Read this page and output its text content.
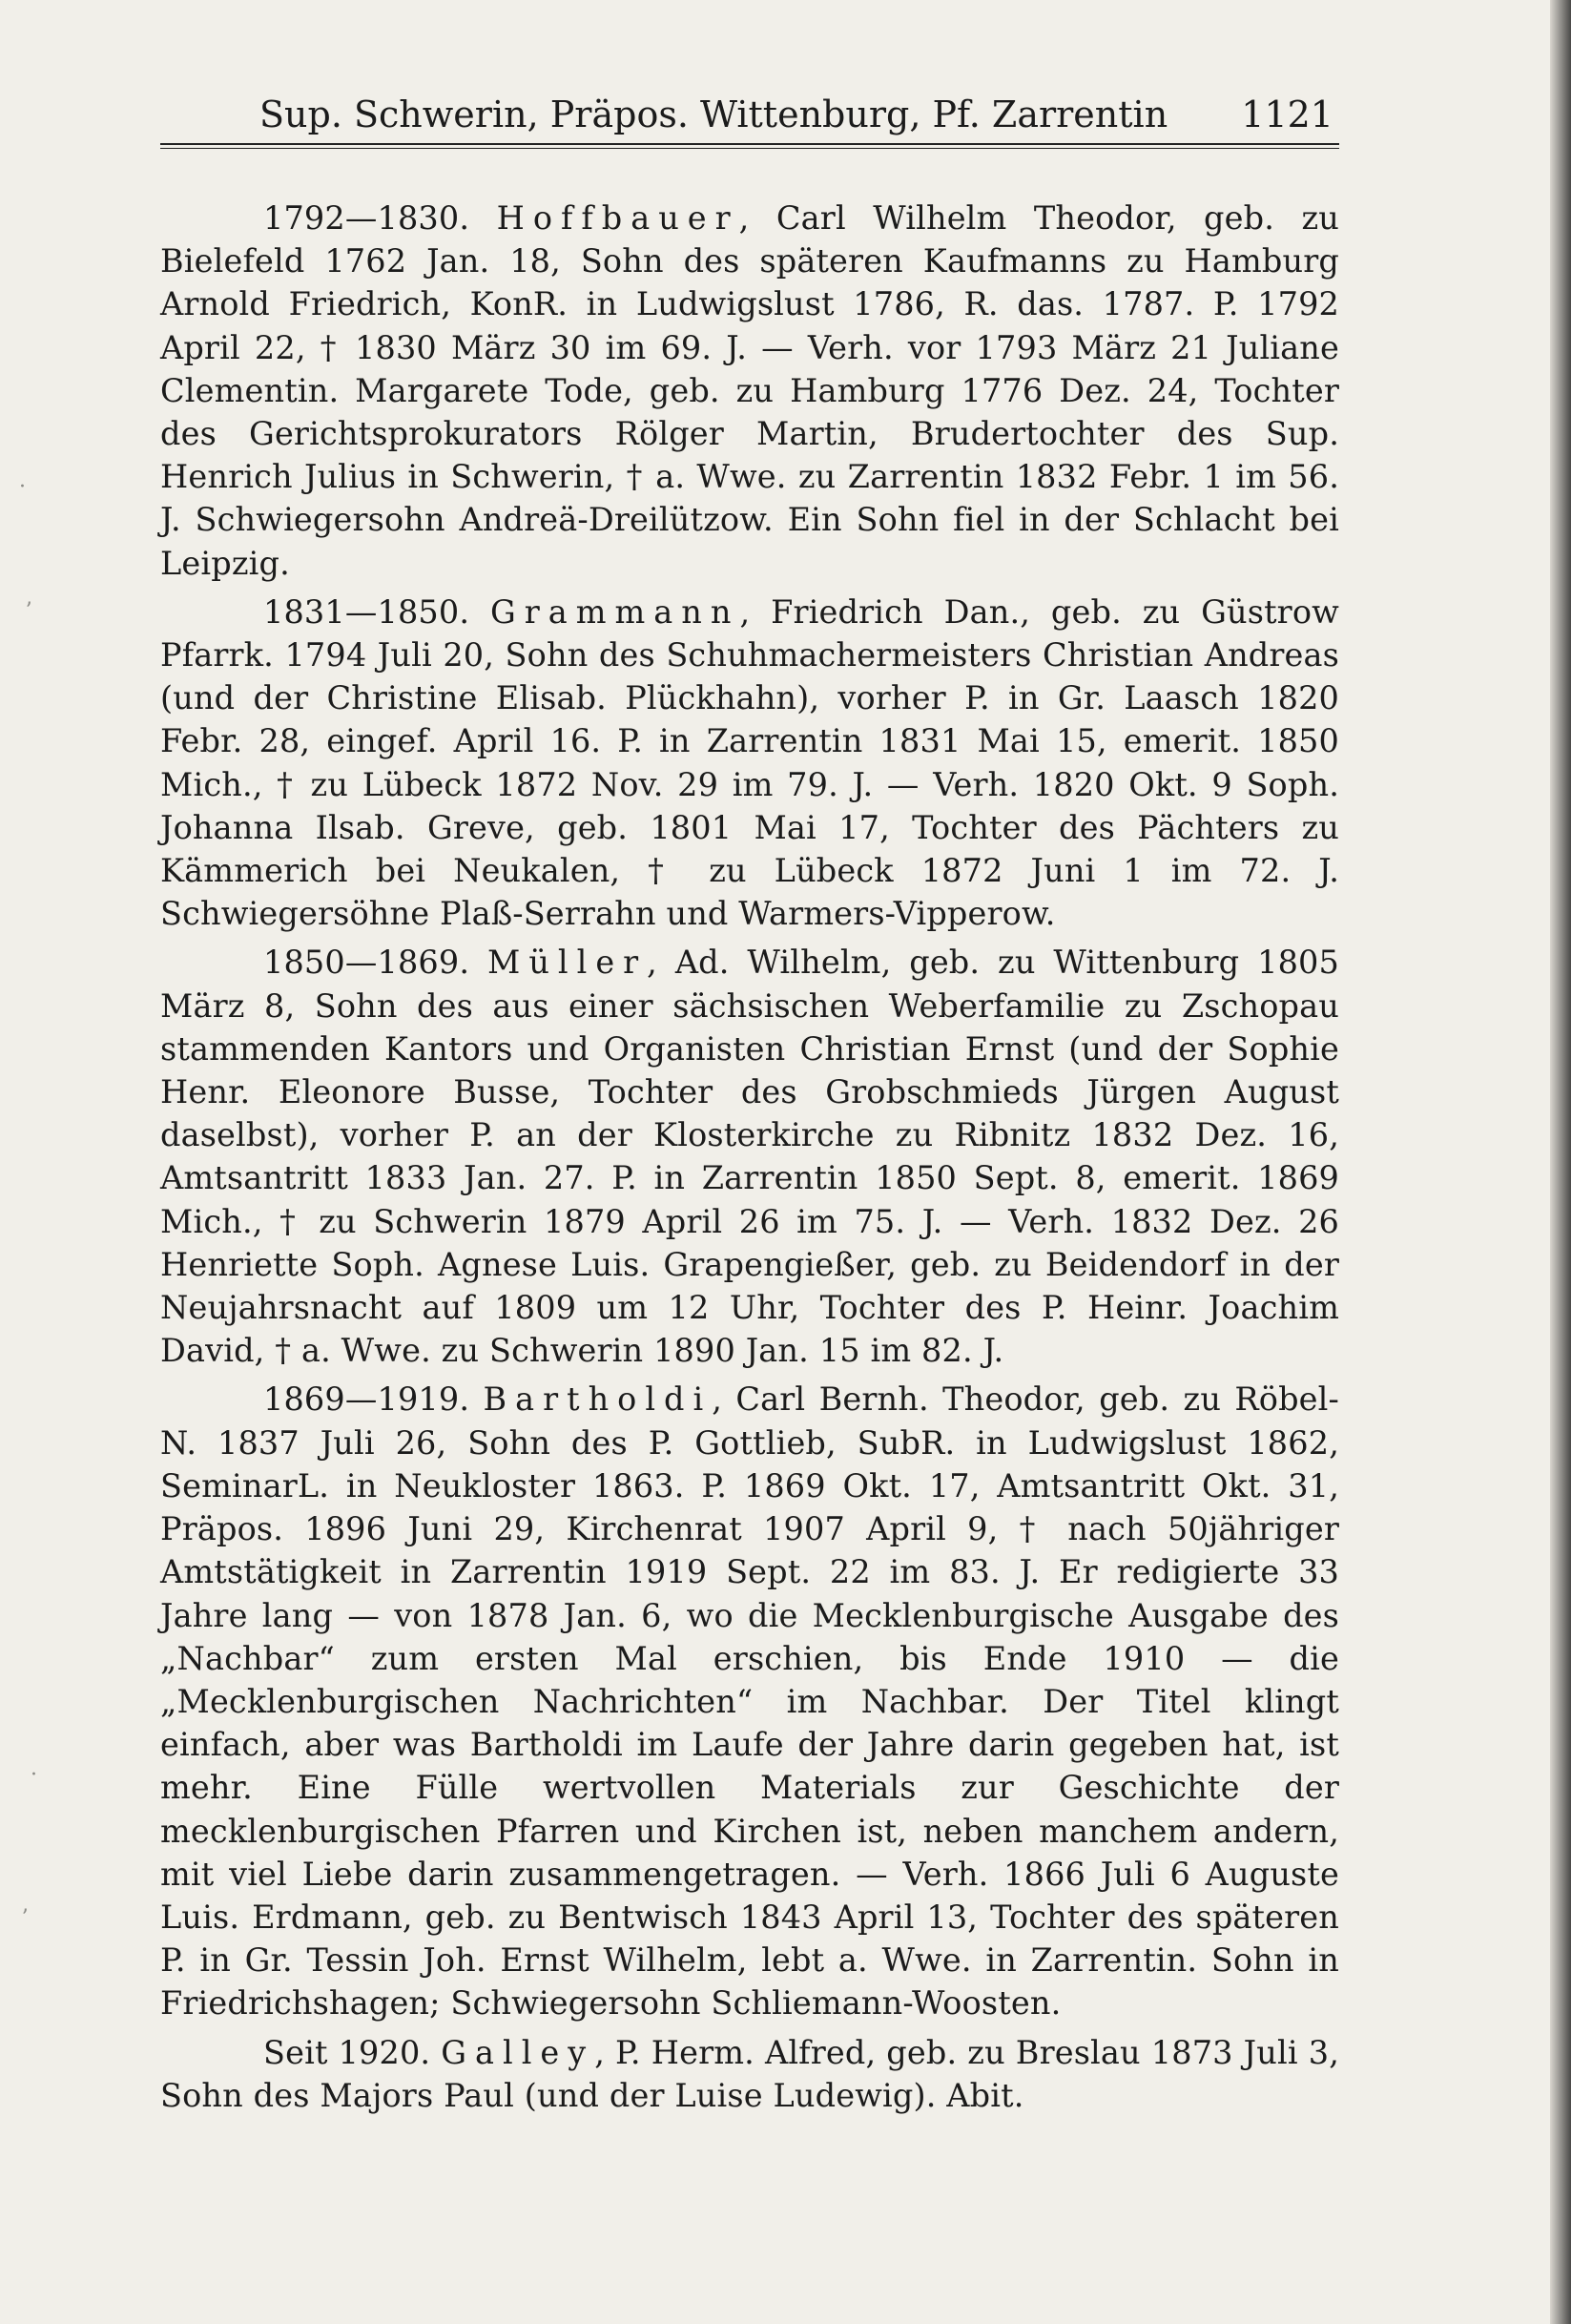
·
ʼ
·
ʼ
Sup. Schwerin, Präpos. Wittenburg, Pf. Zarrentin 1121

1792—1830. Hoffbauer, Carl Wilhelm Theodor, geb. zu Bielefeld 1762 Jan. 18, Sohn des späteren Kaufmanns zu Hamburg Arnold Friedrich, KonR. in Ludwigslust 1786, R. das. 1787. P. 1792 April 22, † 1830 März 30 im 69. J. — Verh. vor 1793 März 21 Juliane Clementin. Margarete Tode, geb. zu Hamburg 1776 Dez. 24, Tochter des Gerichtsprokurators Rölger Martin, Brudertochter des Sup. Henrich Julius in Schwerin, † a. Wwe. zu Zarrentin 1832 Febr. 1 im 56. J. Schwiegersohn Andreä-Dreilützow. Ein Sohn fiel in der Schlacht bei Leipzig.

1831—1850. Grammann, Friedrich Dan., geb. zu Güstrow Pfarrk. 1794 Juli 20, Sohn des Schuhmachermeisters Christian Andreas (und der Christine Elisab. Plückhahn), vorher P. in Gr. Laasch 1820 Febr. 28, eingef. April 16. P. in Zarrentin 1831 Mai 15, emerit. 1850 Mich., † zu Lübeck 1872 Nov. 29 im 79. J. — Verh. 1820 Okt. 9 Soph. Johanna Ilsab. Greve, geb. 1801 Mai 17, Tochter des Pächters zu Kämmerich bei Neukalen, † zu Lübeck 1872 Juni 1 im 72. J. Schwiegersöhne Plaß-Serrahn und Warmers-Vipperow.

1850—1869. Müller, Ad. Wilhelm, geb. zu Wittenburg 1805 März 8, Sohn des aus einer sächsischen Weberfamilie zu Zschopau stammenden Kantors und Organisten Christian Ernst (und der Sophie Henr. Eleonore Busse, Tochter des Grobschmieds Jürgen August daselbst), vorher P. an der Klosterkirche zu Ribnitz 1832 Dez. 16, Amtsantritt 1833 Jan. 27. P. in Zarrentin 1850 Sept. 8, emerit. 1869 Mich., † zu Schwerin 1879 April 26 im 75. J. — Verh. 1832 Dez. 26 Henriette Soph. Agnese Luis. Grapengießer, geb. zu Beidendorf in der Neujahrsnacht auf 1809 um 12 Uhr, Tochter des P. Heinr. Joachim David, † a. Wwe. zu Schwerin 1890 Jan. 15 im 82. J.

1869—1919. Bartholdi, Carl Bernh. Theodor, geb. zu Röbel-N. 1837 Juli 26, Sohn des P. Gottlieb, SubR. in Ludwigslust 1862, SeminarL. in Neukloster 1863. P. 1869 Okt. 17, Amtsantritt Okt. 31, Präpos. 1896 Juni 29, Kirchenrat 1907 April 9, † nach 50jähriger Amtstätigkeit in Zarrentin 1919 Sept. 22 im 83. J. Er redigierte 33 Jahre lang — von 1878 Jan. 6, wo die Mecklenburgische Ausgabe des „Nachbar“ zum ersten Mal erschien, bis Ende 1910 — die „Mecklenburgischen Nachrichten“ im Nachbar. Der Titel klingt einfach, aber was Bartholdi im Laufe der Jahre darin gegeben hat, ist mehr. Eine Fülle wertvollen Materials zur Geschichte der mecklenburgischen Pfarren und Kirchen ist, neben manchem andern, mit viel Liebe darin zusammengetragen. — Verh. 1866 Juli 6 Auguste Luis. Erdmann, geb. zu Bentwisch 1843 April 13, Tochter des späteren P. in Gr. Tessin Joh. Ernst Wilhelm, lebt a. Wwe. in Zarrentin. Sohn in Friedrichshagen; Schwiegersohn Schliemann-Woosten.

Seit 1920. Galley, P. Herm. Alfred, geb. zu Breslau 1873 Juli 3, Sohn des Majors Paul (und der Luise Ludewig). Abit.
